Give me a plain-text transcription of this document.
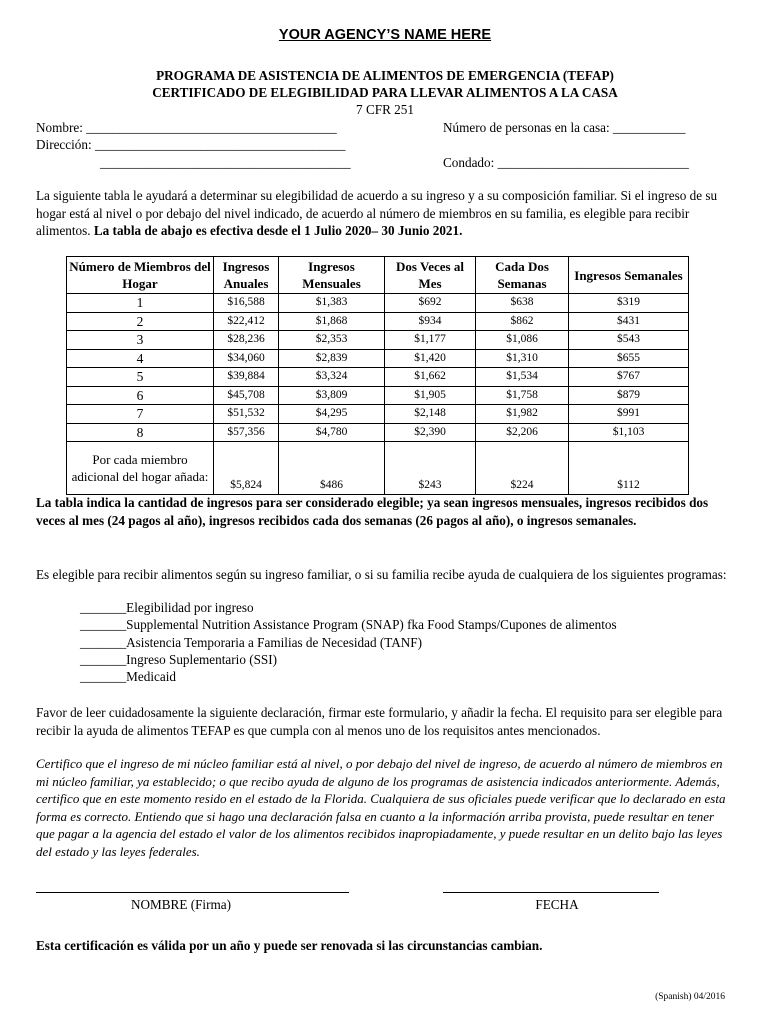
YOUR AGENCY’S NAME HERE
PROGRAMA DE ASISTENCIA DE ALIMENTOS DE EMERGENCIA (TEFAP)
CERTIFICADO DE ELEGIBILIDAD PARA LLEVAR ALIMENTOS A LA CASA
7 CFR 251
Nombre: ______________________________________	Número de personas en la casa: ___________
Dirección: ______________________________________
______________________________________	Condado: _____________________________
La siguiente tabla le ayudará a determinar su elegibilidad de acuerdo a su ingreso y a su composición familiar. Si el ingreso de su hogar está al nivel o por debajo del nivel indicado, de acuerdo al número de miembros en su familia, es elegible para recibir alimentos. La tabla de abajo es efectiva desde el 1 Julio 2020– 30 Junio 2021.
Número de Miembros del Hogar	Ingresos Anuales	Ingresos Mensuales	Dos Veces al Mes	Cada Dos Semanas	Ingresos Semanales
1	$16,588	$1,383	$692	$638	$319
2	$22,412	$1,868	$934	$862	$431
3	$28,236	$2,353	$1,177	$1,086	$543
4	$34,060	$2,839	$1,420	$1,310	$655
5	$39,884	$3,324	$1,662	$1,534	$767
6	$45,708	$3,809	$1,905	$1,758	$879
7	$51,532	$4,295	$2,148	$1,982	$991
8	$57,356	$4,780	$2,390	$2,206	$1,103
Por cada miembro adicional del hogar añada:	$5,824	$486	$243	$224	$112
La tabla indica la cantidad de ingresos para ser considerado elegible; ya sean ingresos mensuales, ingresos recibidos dos veces al mes (24 pagos al año), ingresos recibidos cada dos semanas (26 pagos al año), o ingresos semanales.
Es elegible para recibir alimentos según su ingreso familiar, o si su familia recibe ayuda de cualquiera de los siguientes programas:
_______Elegibilidad por ingreso
_______Supplemental Nutrition Assistance Program (SNAP) fka Food Stamps/Cupones de alimentos
_______Asistencia Temporaria a Familias de Necesidad (TANF)
_______Ingreso Suplementario (SSI)
_______Medicaid
Favor de leer cuidadosamente la siguiente declaración, firmar este formulario, y añadir la fecha. El requisito para ser elegible para recibir la ayuda de alimentos TEFAP es que cumpla con al menos uno de los requisitos antes mencionados.
Certifico que el ingreso de mi núcleo familiar está al nivel, o por debajo del nivel de ingreso, de acuerdo al número de miembros en mi núcleo familiar, ya establecido; o que recibo ayuda de alguno de los programas de asistencia indicados anteriormente. Además, certifico que en este momento resido en el estado de la Florida. Cualquiera de sus oficiales puede verificar que lo declarado en esta forma es correcto. Entiendo que si hago una declaración falsa en cuanto a la información arriba provista, puede resultar en tener que pagar a la agencia del estado el valor de los alimentos recibidos inapropiadamente, y puede resultar en un delito bajo las leyes del estado y las leyes federales.
NOMBRE (Firma)	FECHA
Esta certificación es válida por un año y puede ser renovada si las circunstancias cambian.
(Spanish) 04/2016
